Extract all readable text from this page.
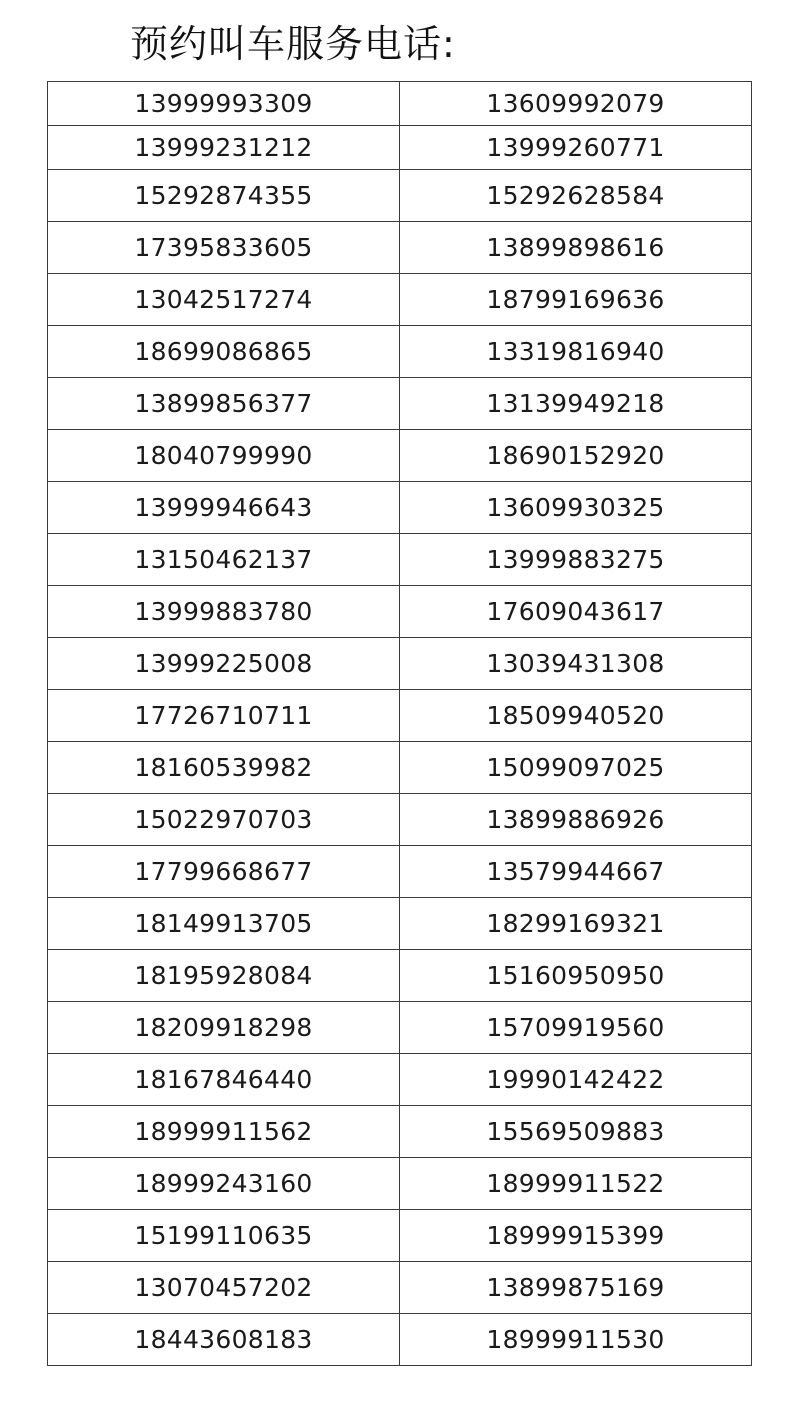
预约叫车服务电话:
13999993309	13609992079
13999231212	13999260771
15292874355	15292628584
17395833605	13899898616
13042517274	18799169636
18699086865	13319816940
13899856377	13139949218
18040799990	18690152920
13999946643	13609930325
13150462137	13999883275
13999883780	17609043617
13999225008	13039431308
17726710711	18509940520
18160539982	15099097025
15022970703	13899886926
17799668677	13579944667
18149913705	18299169321
18195928084	15160950950
18209918298	15709919560
18167846440	19990142422
18999911562	15569509883
18999243160	18999911522
15199110635	18999915399
13070457202	13899875169
18443608183	18999911530
